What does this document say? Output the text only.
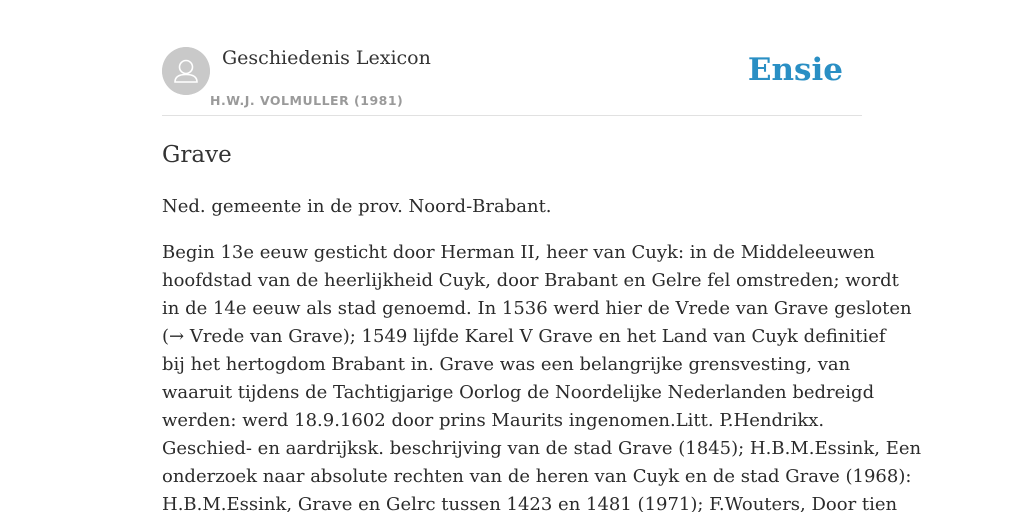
Geschiedenis Lexicon
H.W.J. VOLMULLER (1981)
Ensie
Grave

Ned. gemeente in de prov. Noord-Brabant.

Begin 13e eeuw gesticht door Herman II, heer van Cuyk: in de Middeleeuwen
hoofdstad van de heerlijkheid Cuyk, door Brabant en Gelre fel omstreden; wordt
in de 14e eeuw als stad genoemd. In 1536 werd hier de Vrede van Grave gesloten
(→ Vrede van Grave); 1549 lijfde Karel V Grave en het Land van Cuyk definitief
bij het hertogdom Brabant in. Grave was een belangrijke grensvesting, van
waaruit tijdens de Tachtigjarige Oorlog de Noordelijke Nederlanden bedreigd
werden: werd 18.9.1602 door prins Maurits ingenomen.Litt. P.Hendrikx.
Geschied- en aardrijksk. beschrijving van de stad Grave (1845); H.B.M.Essink, Een
onderzoek naar absolute rechten van de heren van Cuyk en de stad Grave (1968):
H.B.M.Essink, Grave en Gelrc tussen 1423 en 1481 (1971); F.Wouters, Door tien
